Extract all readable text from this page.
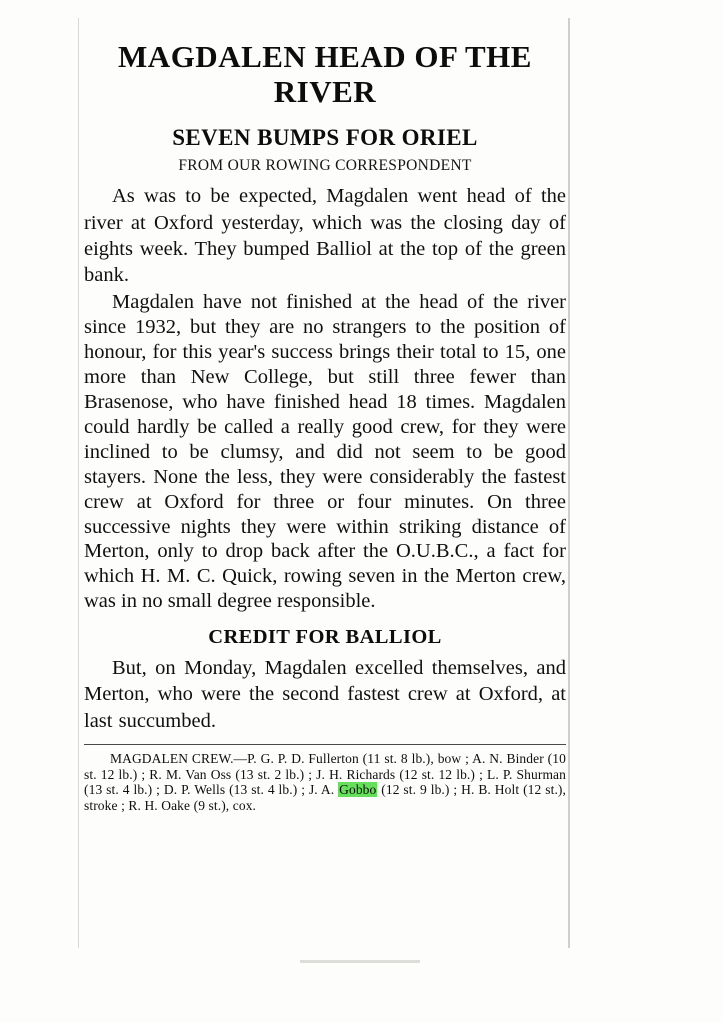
MAGDALEN HEAD OF THE RIVER
SEVEN BUMPS FOR ORIEL
FROM OUR ROWING CORRESPONDENT

As was to be expected, Magdalen went head of the river at Oxford yesterday, which was the closing day of eights week. They bumped Balliol at the top of the green bank.

Magdalen have not finished at the head of the river since 1932, but they are no strangers to the position of honour, for this year's success brings their total to 15, one more than New College, but still three fewer than Brasenose, who have finished head 18 times. Magdalen could hardly be called a really good crew, for they were inclined to be clumsy, and did not seem to be good stayers. None the less, they were considerably the fastest crew at Oxford for three or four minutes. On three successive nights they were within striking distance of Merton, only to drop back after the O.U.B.C., a fact for which H. M. C. Quick, rowing seven in the Merton crew, was in no small degree responsible.

CREDIT FOR BALLIOL

But, on Monday, Magdalen excelled themselves, and Merton, who were the second fastest crew at Oxford, at last succumbed.

MAGDALEN CREW.—P. G. P. D. Fullerton (11 st. 8 lb.), bow ; A. N. Binder (10 st. 12 lb.) ; R. M. Van Oss (13 st. 2 lb.) ; J. H. Richards (12 st. 12 lb.) ; L. P. Shurman (13 st. 4 lb.) ; D. P. Wells (13 st. 4 lb.) ; J. A. Gobbo (12 st. 9 lb.) ; H. B. Holt (12 st.), stroke ; R. H. Oake (9 st.), cox.
